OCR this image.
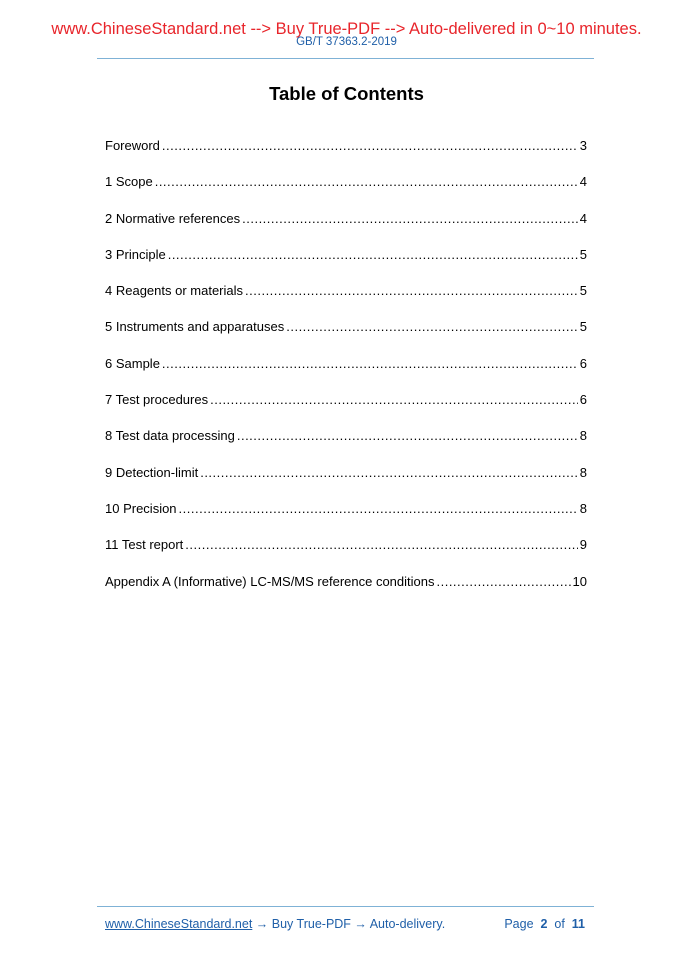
www.ChineseStandard.net --> Buy True-PDF --> Auto-delivered in 0~10 minutes.
GB/T 37363.2-2019
Table of Contents
Foreword .....	3
1 Scope .....	4
2 Normative references .....	4
3 Principle .....	5
4 Reagents or materials .....	5
5 Instruments and apparatuses .....	5
6 Sample .....	6
7 Test procedures .....	6
8 Test data processing .....	8
9 Detection-limit .....	8
10 Precision .....	8
11 Test report .....	9
Appendix A (Informative) LC-MS/MS reference conditions .....	10
www.ChineseStandard.net → Buy True-PDF → Auto-delivery.	Page 2 of 11
